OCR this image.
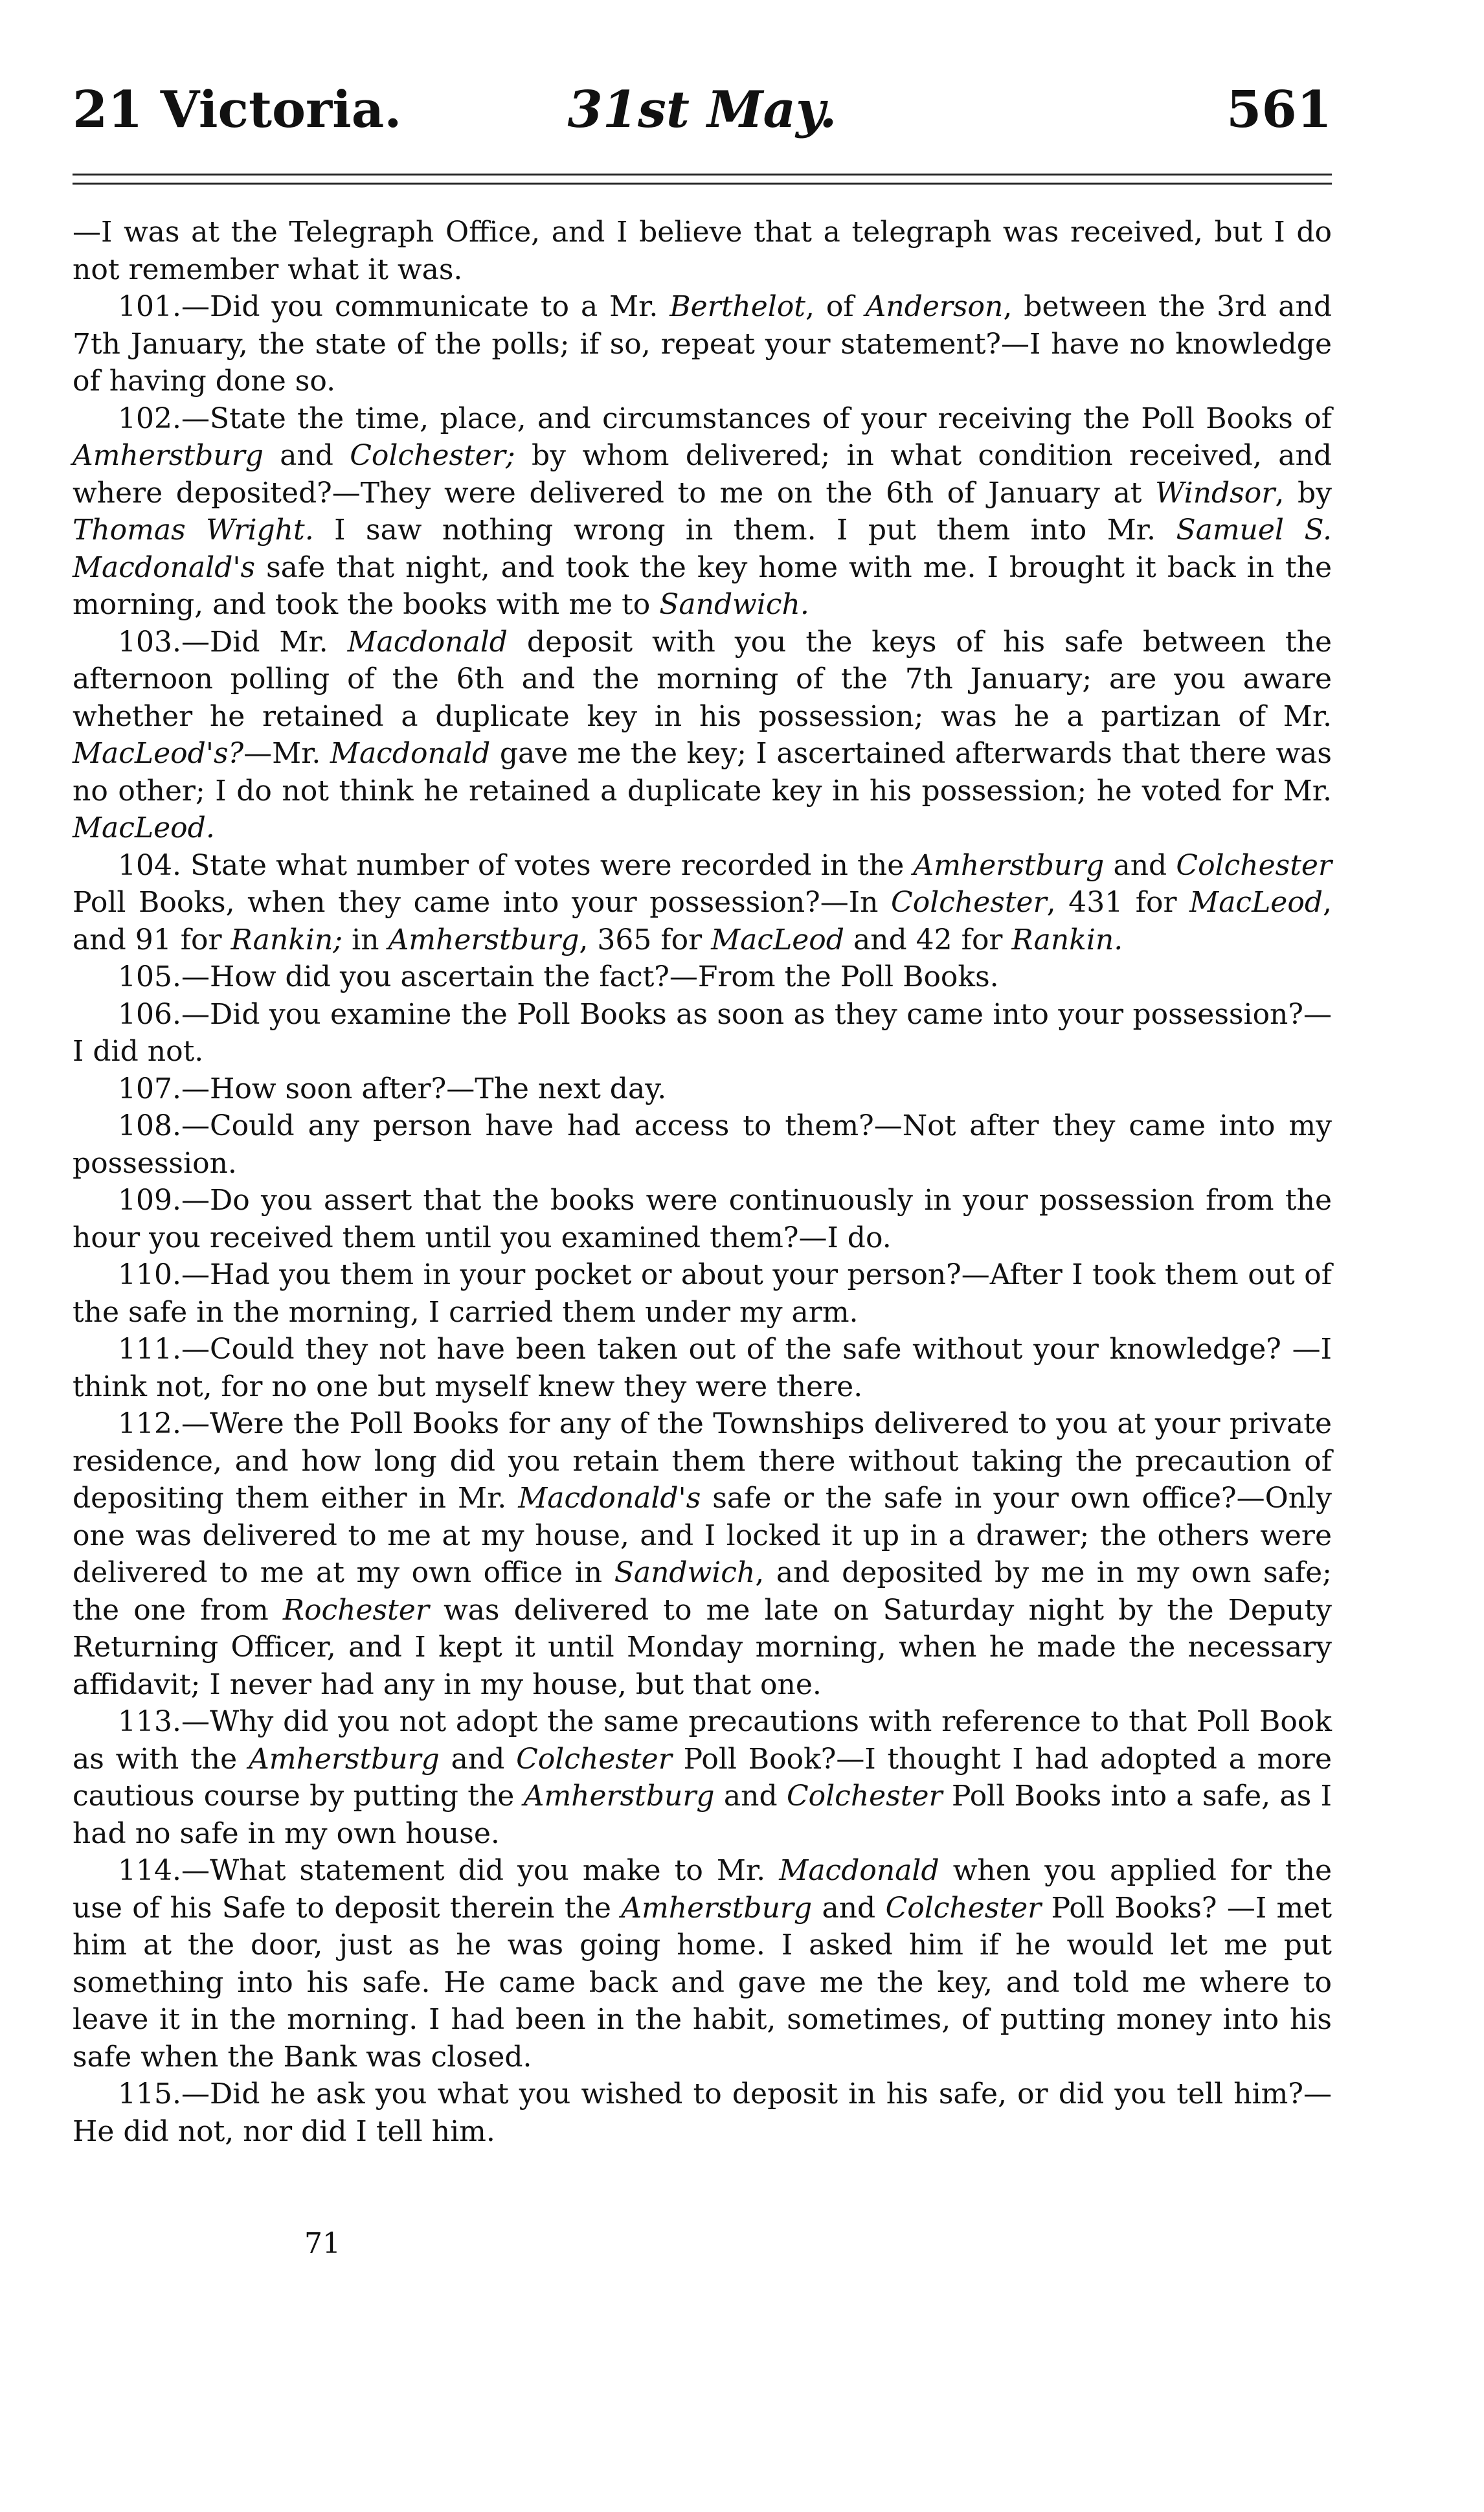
21 Victoria.	31st May.	561

—I was at the Telegraph Office, and I believe that a telegraph was received, but I do not remember what it was.

101.—Did you communicate to a Mr. Berthelot, of Anderson, between the 3rd and 7th January, the state of the polls; if so, repeat your statement?—I have no knowledge of having done so.

102.—State the time, place, and circumstances of your receiving the Poll Books of Amherstburg and Colchester; by whom delivered; in what condition received, and where deposited?—They were delivered to me on the 6th of January at Windsor, by Thomas Wright. I saw nothing wrong in them. I put them into Mr. Samuel S. Macdonald's safe that night, and took the key home with me. I brought it back in the morning, and took the books with me to Sandwich.

103.—Did Mr. Macdonald deposit with you the keys of his safe between the afternoon polling of the 6th and the morning of the 7th January; are you aware whether he retained a duplicate key in his possession; was he a partizan of Mr. MacLeod's?—Mr. Macdonald gave me the key; I ascertained afterwards that there was no other; I do not think he retained a duplicate key in his possession; he voted for Mr. MacLeod.

104. State what number of votes were recorded in the Amherstburg and Colchester Poll Books, when they came into your possession?—In Colchester, 431 for MacLeod, and 91 for Rankin; in Amherstburg, 365 for MacLeod and 42 for Rankin.

105.—How did you ascertain the fact?—From the Poll Books.

106.—Did you examine the Poll Books as soon as they came into your possession?—I did not.

107.—How soon after?—The next day.

108.—Could any person have had access to them?—Not after they came into my possession.

109.—Do you assert that the books were continuously in your possession from the hour you received them until you examined them?—I do.

110.—Had you them in your pocket or about your person?—After I took them out of the safe in the morning, I carried them under my arm.

111.—Could they not have been taken out of the safe without your knowledge? —I think not, for no one but myself knew they were there.

112.—Were the Poll Books for any of the Townships delivered to you at your private residence, and how long did you retain them there without taking the precaution of depositing them either in Mr. Macdonald's safe or the safe in your own office?—Only one was delivered to me at my house, and I locked it up in a drawer; the others were delivered to me at my own office in Sandwich, and deposited by me in my own safe; the one from Rochester was delivered to me late on Saturday night by the Deputy Returning Officer, and I kept it until Monday morning, when he made the necessary affidavit; I never had any in my house, but that one.

113.—Why did you not adopt the same precautions with reference to that Poll Book as with the Amherstburg and Colchester Poll Book?—I thought I had adopted a more cautious course by putting the Amherstburg and Colchester Poll Books into a safe, as I had no safe in my own house.

114.—What statement did you make to Mr. Macdonald when you applied for the use of his Safe to deposit therein the Amherstburg and Colchester Poll Books? —I met him at the door, just as he was going home. I asked him if he would let me put something into his safe. He came back and gave me the key, and told me where to leave it in the morning. I had been in the habit, sometimes, of putting money into his safe when the Bank was closed.

115.—Did he ask you what you wished to deposit in his safe, or did you tell him?—He did not, nor did I tell him.

71
